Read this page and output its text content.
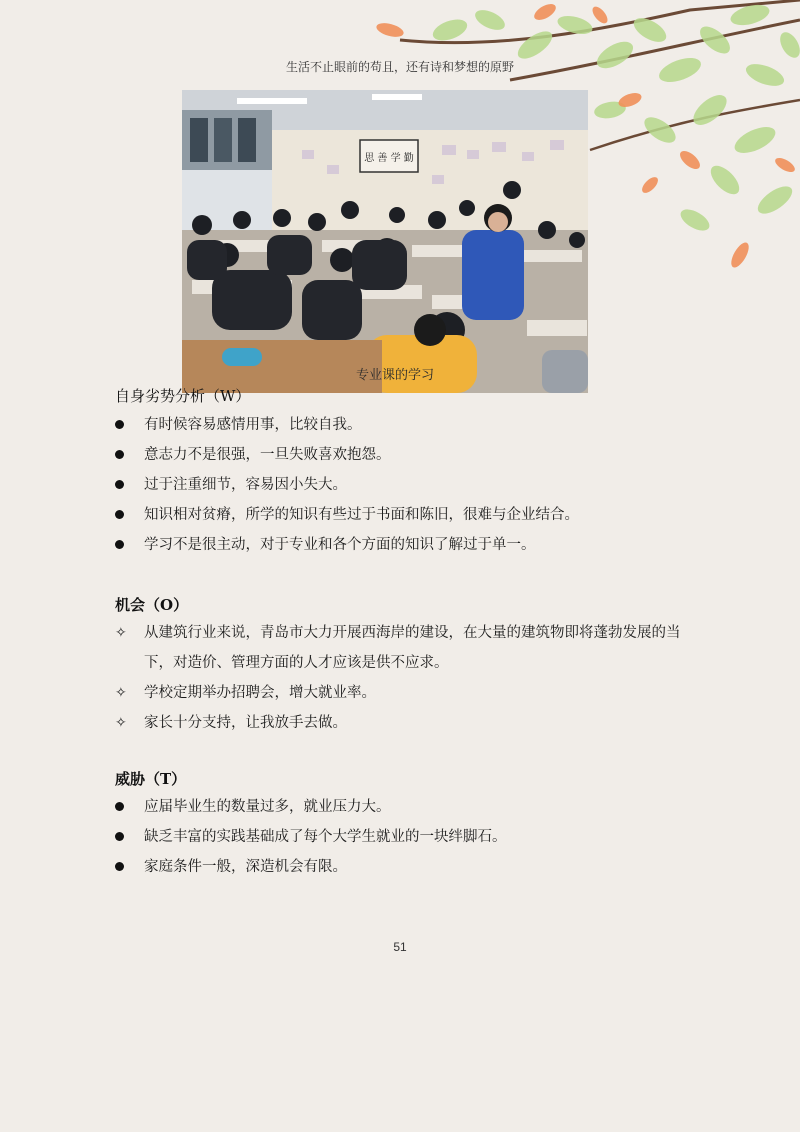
生活不止眼前的苟且，还有诗和梦想的原野
思 善 学 勤
专业课的学习
自身劣势分析（W）
有时候容易感情用事，比较自我。
意志力不是很强，一旦失败喜欢抱怨。
过于注重细节，容易因小失大。
知识相对贫瘠，所学的知识有些过于书面和陈旧，很难与企业结合。
学习不是很主动，对于专业和各个方面的知识了解过于单一。
机会（O）
✧	从建筑行业来说，青岛市大力开展西海岸的建设，在大量的建筑物即将蓬勃发展的当下，对造价、管理方面的人才应该是供不应求。
✧	学校定期举办招聘会，增大就业率。
✧	家长十分支持，让我放手去做。
威胁（T）
应届毕业生的数量过多，就业压力大。
缺乏丰富的实践基础成了每个大学生就业的一块绊脚石。
家庭条件一般，深造机会有限。
51
